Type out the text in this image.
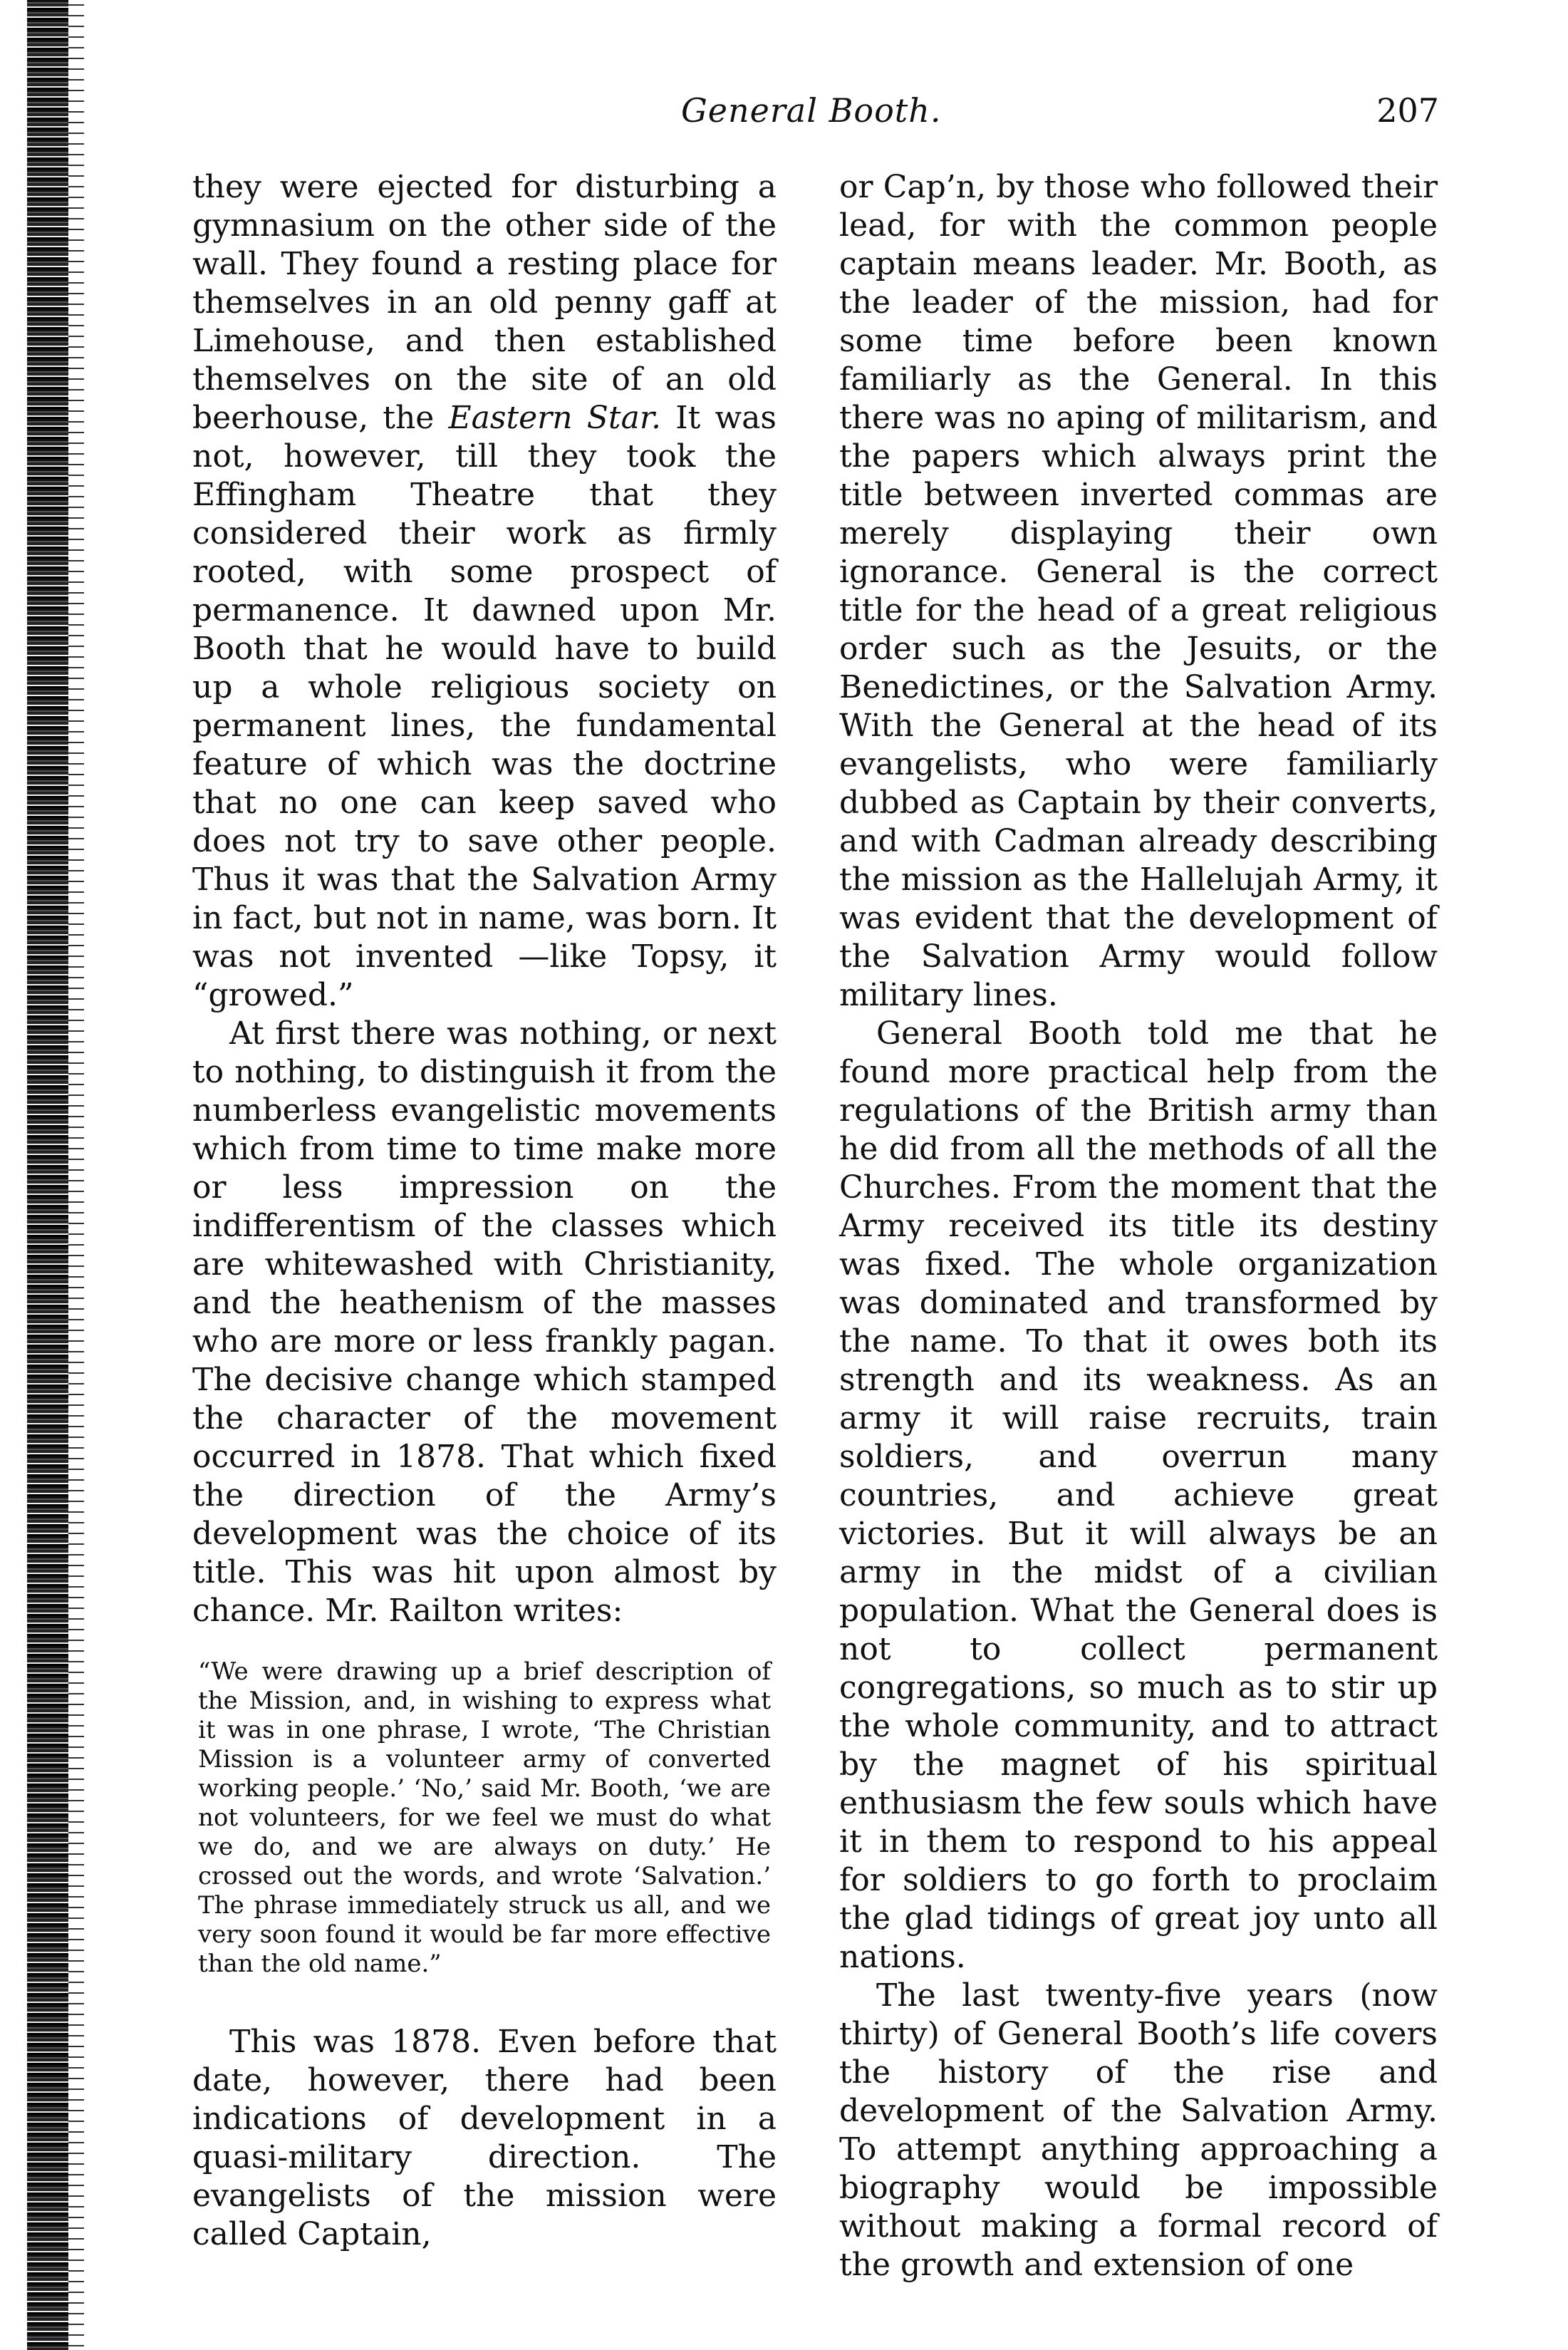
General Booth.	207

they were ejected for disturbing a gymnasium on the other side of the wall. They found a resting place for themselves in an old penny gaff at Limehouse, and then established themselves on the site of an old beerhouse, the Eastern Star. It was not, however, till they took the Effingham Theatre that they considered their work as firmly rooted, with some prospect of permanence. It dawned upon Mr. Booth that he would have to build up a whole religious society on permanent lines, the fundamental feature of which was the doctrine that no one can keep saved who does not try to save other people. Thus it was that the Salvation Army in fact, but not in name, was born. It was not invented —like Topsy, it “growed.”

At first there was nothing, or next to nothing, to distinguish it from the numberless evangelistic movements which from time to time make more or less impression on the indifferentism of the classes which are whitewashed with Christianity, and the heathenism of the masses who are more or less frankly pagan. The decisive change which stamped the character of the movement occurred in 1878. That which fixed the direction of the Army’s development was the choice of its title. This was hit upon almost by chance. Mr. Railton writes:

“We were drawing up a brief description of the Mission, and, in wishing to express what it was in one phrase, I wrote, ‘The Christian Mission is a volunteer army of converted working people.’ ‘No,’ said Mr. Booth, ‘we are not volunteers, for we feel we must do what we do, and we are always on duty.’ He crossed out the words, and wrote ‘Salvation.’ The phrase immediately struck us all, and we very soon found it would be far more effective than the old name.”

This was 1878. Even before that date, however, there had been indications of development in a quasi-military direction. The evangelists of the mission were called Captain,

or Cap’n, by those who followed their lead, for with the common people captain means leader. Mr. Booth, as the leader of the mission, had for some time before been known familiarly as the General. In this there was no aping of militarism, and the papers which always print the title between inverted commas are merely displaying their own ignorance. General is the correct title for the head of a great religious order such as the Jesuits, or the Benedictines, or the Salvation Army. With the General at the head of its evangelists, who were familiarly dubbed as Captain by their converts, and with Cadman already describing the mission as the Hallelujah Army, it was evident that the development of the Salvation Army would follow military lines.

General Booth told me that he found more practical help from the regulations of the British army than he did from all the methods of all the Churches. From the moment that the Army received its title its destiny was fixed. The whole organization was dominated and transformed by the name. To that it owes both its strength and its weakness. As an army it will raise recruits, train soldiers, and overrun many countries, and achieve great victories. But it will always be an army in the midst of a civilian population. What the General does is not to collect permanent congregations, so much as to stir up the whole community, and to attract by the magnet of his spiritual enthusiasm the few souls which have it in them to respond to his appeal for soldiers to go forth to proclaim the glad tidings of great joy unto all nations.

The last twenty-five years (now thirty) of General Booth’s life covers the history of the rise and development of the Salvation Army. To attempt anything approaching a biography would be impossible without making a formal record of the growth and extension of one
